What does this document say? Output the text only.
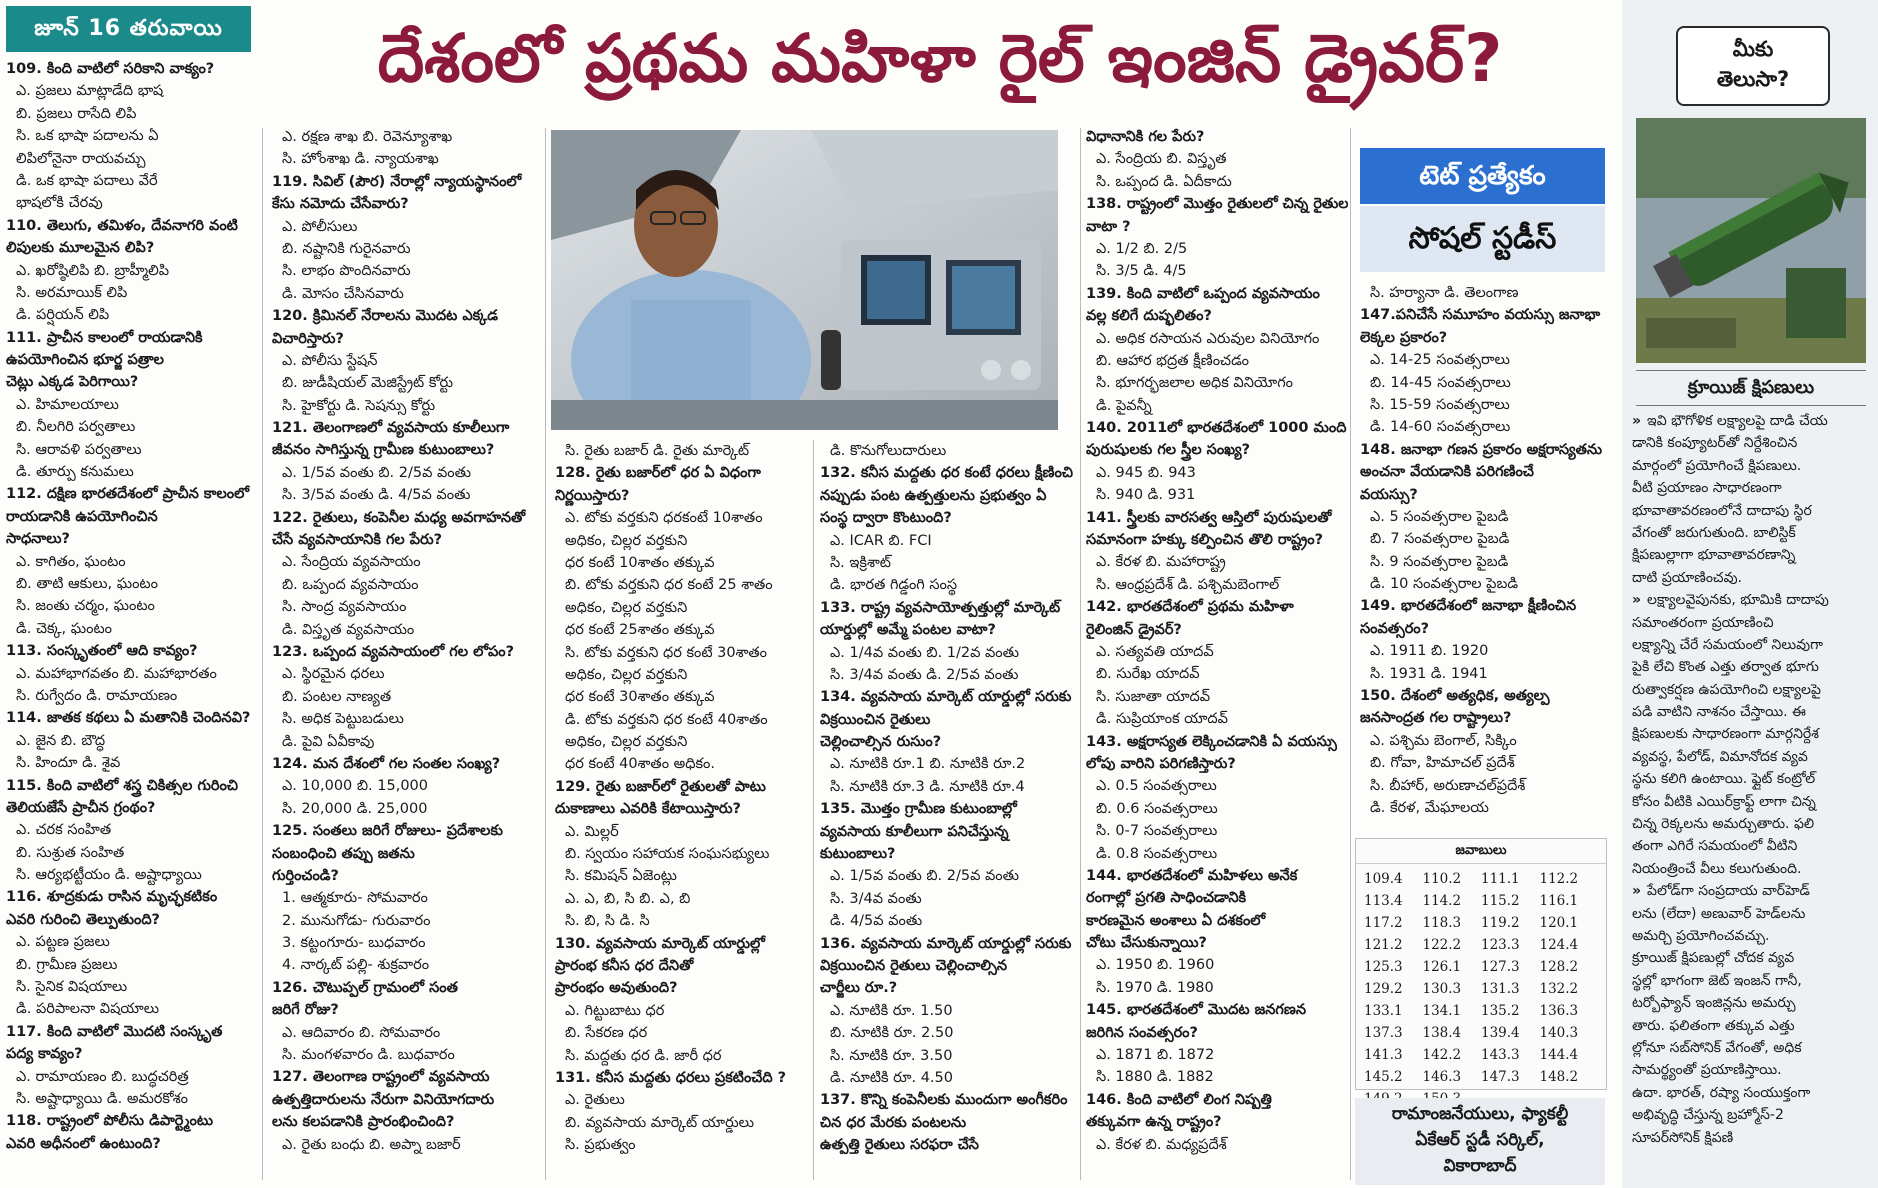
జూన్ 16 తరువాయి	దేశంలో ప్రథమ మహిళా రైల్ ఇంజిన్ డ్రైవర్?
109. కింది వాటిలో సరికాని వాక్యం?
ఎ. ప్రజలు మాట్లాడేది భాష
బి. ప్రజలు రాసేది లిపి
సి. ఒక భాషా పదాలను ఏ
లిపిలోనైనా రాయవచ్చు
డి. ఒక భాషా పదాలు వేరే
భాషలోకి చేరవు
110. తెలుగు, తమిళం, దేవనాగరి వంటి
లిపులకు మూలమైన లిపి?
ఎ. ఖరోష్ఠిలిపి బి. బ్రాహ్మీలిపి
సి. అరమాయిక్ లిపి
డి. పర్షియన్ లిపి
111. ప్రాచీన కాలంలో రాయడానికి
ఉపయోగించిన భూర్జ పత్రాల
చెట్లు ఎక్కడ పెరిగాయి?
ఎ. హిమాలయాలు
బి. నీలగిరి పర్వతాలు
సి. ఆరావళి పర్వతాలు
డి. తూర్పు కనుమలు
112. దక్షిణ భారతదేశంలో ప్రాచీన కాలంలో
రాయడానికి ఉపయోగించిన
సాధనాలు?
ఎ. కాగితం, ఘంటం
బి. తాటి ఆకులు, ఘంటం
సి. జంతు చర్మం, ఘంటం
డి. చెక్క, ఘంటం
113. సంస్కృతంలో ఆది కావ్యం?
ఎ. మహాభాగవతం బి. మహాభారతం
సి. రుగ్వేదం డి. రామాయణం
114. జాతక కథలు ఏ మతానికి చెందినవి?
ఎ. జైన బి. బౌద్ధ
సి. హిందూ డి. శైవ
115. కింది వాటిలో శస్త్ర చికిత్సల గురించి
తెలియజేసే ప్రాచీన గ్రంథం?
ఎ. చరక సంహిత
బి. సుశ్రుత సంహిత
సి. ఆర్యభట్టీయం డి. అష్టాధ్యాయి
116. శూద్రకుడు రాసిన మృచ్ఛకటికం
ఎవరి గురించి తెల్పుతుంది?
ఎ. పట్టణ ప్రజలు
బి. గ్రామీణ ప్రజలు
సి. సైనిక విషయాలు
డి. పరిపాలనా విషయాలు
117. కింది వాటిలో మొదటి సంస్కృత
పద్య కావ్యం?
ఎ. రామాయణం బి. బుద్ధచరిత్ర
సి. అష్టాధ్యాయి డి. అమరకోశం
118. రాష్ట్రంలో పోలీసు డిపార్ట్మెంటు
ఎవరి అధీనంలో ఉంటుంది?
ఎ. రక్షణ శాఖ బి. రెవెన్యూశాఖ
సి. హోంశాఖ డి. న్యాయశాఖ
119. సివిల్ (పౌర) నేరాల్లో న్యాయస్థానంలో
కేసు నమోదు చేసేవారు?
ఎ. పోలీసులు
బి. నష్టానికి గురైనవారు
సి. లాభం పొందినవారు
డి. మోసం చేసినవారు
120. క్రిమినల్ నేరాలను మొదట ఎక్కడ
విచారిస్తారు?
ఎ. పోలీసు స్టేషన్
బి. జుడీషియల్ మెజిస్ట్రేట్ కోర్టు
సి. హైకోర్టు డి. సెషన్సు కోర్టు
121. తెలంగాణలో వ్యవసాయ కూలీలుగా
జీవనం సాగిస్తున్న గ్రామీణ కుటుంబాలు?
ఎ. 1/5వ వంతు బి. 2/5వ వంతు
సి. 3/5వ వంతు డి. 4/5వ వంతు
122. రైతులు, కంపెనీల మధ్య అవగాహనతో
చేసే వ్యవసాయానికి గల పేరు?
ఎ. సేంద్రియ వ్యవసాయం
బి. ఒప్పంద వ్యవసాయం
సి. సాంద్ర వ్యవసాయం
డి. విస్తృత వ్యవసాయం
123. ఒప్పంద వ్యవసాయంలో గల లోపం?
ఎ. స్థిరమైన ధరలు
బి. పంటల నాణ్యత
సి. అధిక పెట్టుబడులు
డి. పైవి ఏవీకావు
124. మన దేశంలో గల సంతల సంఖ్య?
ఎ. 10,000 బి. 15,000
సి. 20,000 డి. 25,000
125. సంతలు జరిగే రోజులు- ప్రదేశాలకు
సంబంధించి తప్పు జతను
గుర్తించండి?
1. ఆత్మకూరు- సోమవారం
2. మునుగోడు- గురువారం
3. కట్టంగూరు- బుధవారం
4. నార్కట్ పల్లి- శుక్రవారం
126. చౌటుప్పల్ గ్రామంలో సంత
జరిగే రోజు?
ఎ. ఆదివారం బి. సోమవారం
సి. మంగళవారం డి. బుధవారం
127. తెలంగాణ రాష్ట్రంలో వ్యవసాయ
ఉత్పత్తిదారులను నేరుగా వినియోగదారు
లను కలపడానికి ప్రారంభించింది?
ఎ. రైతు బంధు బి. అప్నా బజార్
సి. రైతు బజార్ డి. రైతు మార్కెట్
128. రైతు బజార్‌లో ధర ఏ విధంగా
నిర్ణయిస్తారు?
ఎ. టోకు వర్తకుని ధరకంటే 10శాతం
అధికం, చిల్లర వర్తకుని
ధర కంటే 10శాతం తక్కువ
బి. టోకు వర్తకుని ధర కంటే 25 శాతం
అధికం, చిల్లర వర్తకుని
ధర కంటే 25శాతం తక్కువ
సి. టోకు వర్తకుని ధర కంటే 30శాతం
అధికం, చిల్లర వర్తకుని
ధర కంటే 30శాతం తక్కువ
డి. టోకు వర్తకుని ధర కంటే 40శాతం
అధికం, చిల్లర వర్తకుని
ధర కంటే 40శాతం అధికం.
129. రైతు బజార్‌లో రైతులతో పాటు
దుకాణాలు ఎవరికి కేటాయిస్తారు?
ఎ. మిల్లర్
బి. స్వయం సహాయక సంఘసభ్యులు
సి. కమిషన్ ఏజెంట్లు
ఎ. ఎ, బి, సి బి. ఎ, బి
సి. బి, సి డి. సి
130. వ్యవసాయ మార్కెట్ యార్డుల్లో
ప్రారంభ కనీస ధర దేనితో
ప్రారంభం అవుతుంది?
ఎ. గిట్టుబాటు ధర
బి. సేకరణ ధర
సి. మద్దతు ధర డి. జారీ ధర
131. కనీస మద్దతు ధరలు ప్రకటించేది ?
ఎ. రైతులు
బి. వ్యవసాయ మార్కెట్ యార్డులు
సి. ప్రభుత్వం
డి. కొనుగోలుదారులు
132. కనీస మద్దతు ధర కంటే ధరలు క్షీణించి
నప్పుడు పంట ఉత్పత్తులను ప్రభుత్వం ఏ
సంస్థ ద్వారా కొంటుంది?
ఎ. ICAR బి. FCI
సి. ఇక్రిశాట్
డి. భారత గిడ్డంగి సంస్థ
133. రాష్ట్ర వ్యవసాయోత్పత్తుల్లో మార్కెట్
యార్డుల్లో అమ్మే పంటల వాటా?
ఎ. 1/4వ వంతు బి. 1/2వ వంతు
సి. 3/4వ వంతు డి. 2/5వ వంతు
134. వ్యవసాయ మార్కెట్ యార్డుల్లో సరుకు
విక్రయించిన రైతులు
చెల్లించాల్సిన రుసుం?
ఎ. నూటికి రూ.1 బి. నూటికి రూ.2
సి. నూటికి రూ.3 డి. నూటికి రూ.4
135. మొత్తం గ్రామీణ కుటుంబాల్లో
వ్యవసాయ కూలీలుగా పనిచేస్తున్న
కుటుంబాలు?
ఎ. 1/5వ వంతు బి. 2/5వ వంతు
సి. 3/4వ వంతు
డి. 4/5వ వంతు
136. వ్యవసాయ మార్కెట్ యార్డుల్లో సరుకు
విక్రయించిన రైతులు చెల్లించాల్సిన
చార్జీలు రూ.?
ఎ. నూటికి రూ. 1.50
బి. నూటికి రూ. 2.50
సి. నూటికి రూ. 3.50
డి. నూటికి రూ. 4.50
137. కొన్ని కంపెనీలకు ముందుగా అంగీకరిం
చిన ధర మేరకు పంటలను
ఉత్పత్తి రైతులు సరఫరా చేసే
విధానానికి గల పేరు?
ఎ. సేంద్రియ బి. విస్తృత
సి. ఒప్పంద డి. ఏదీకాదు
138. రాష్ట్రంలో మొత్తం రైతులలో చిన్న రైతుల
వాటా ?
ఎ. 1/2 బి. 2/5
సి. 3/5 డి. 4/5
139. కింది వాటిలో ఒప్పంద వ్యవసాయం
వల్ల కలిగే దుష్ఫలితం?
ఎ. అధిక రసాయన ఎరువుల వినియోగం
బి. ఆహార భద్రత క్షీణించడం
సి. భూగర్భజలాల అధిక వినియోగం
డి. పైవన్నీ
140. 2011లో భారతదేశంలో 1000 మంది
పురుషులకు గల స్త్రీల సంఖ్య?
ఎ. 945 బి. 943
సి. 940 డి. 931
141. స్త్రీలకు వారసత్వ ఆస్తిలో పురుషులతో
సమానంగా హక్కు కల్పించిన తొలి రాష్ట్రం?
ఎ. కేరళ బి. మహారాష్ట్ర
సి. ఆంధ్రప్రదేశ్ డి. పశ్చిమబెంగాల్
142. భారతదేశంలో ప్రథమ మహిళా
రైలింజిన్ డ్రైవర్?
ఎ. సత్యవతి యాదవ్
బి. సురేఖ యాదవ్
సి. సుజాతా యాదవ్
డి. సుప్రియాంక యాదవ్
143. అక్షరాస్యత లెక్కించడానికి ఏ వయస్సు
లోపు వారిని పరిగణిస్తారు?
ఎ. 0.5 సంవత్సరాలు
బి. 0.6 సంవత్సరాలు
సి. 0-7 సంవత్సరాలు
డి. 0.8 సంవత్సరాలు
144. భారతదేశంలో మహిళలు అనేక
రంగాల్లో ప్రగతి సాధించడానికి
కారణమైన అంశాలు ఏ దశకంలో
చోటు చేసుకున్నాయి?
ఎ. 1950 బి. 1960
సి. 1970 డి. 1980
145. భారతదేశంలో మొదట జనగణన
జరిగిన సంవత్సరం?
ఎ. 1871 బి. 1872
సి. 1880 డి. 1882
146. కింది వాటిలో లింగ నిష్పత్తి
తక్కువగా ఉన్న రాష్ట్రం?
ఎ. కేరళ బి. మధ్యప్రదేశ్
టెట్ ప్రత్యేకం
సోషల్ స్టడీస్
సి. హర్యానా డి. తెలంగాణ
147.పనిచేసే సమూహం వయస్సు జనాభా
లెక్కల ప్రకారం?
ఎ. 14-25 సంవత్సరాలు
బి. 14-45 సంవత్సరాలు
సి. 15-59 సంవత్సరాలు
డి. 14-60 సంవత్సరాలు
148. జనాభా గణన ప్రకారం అక్షరాస్యతను
అంచనా వేయడానికి పరిగణించే
వయస్సు?
ఎ. 5 సంవత్సరాల పైబడి
బి. 7 సంవత్సరాల పైబడి
సి. 9 సంవత్సరాల పైబడి
డి. 10 సంవత్సరాల పైబడి
149. భారతదేశంలో జనాభా క్షీణించిన
సంవత్సరం?
ఎ. 1911 బి. 1920
సి. 1931 డి. 1941
150. దేశంలో అత్యధిక, అత్యల్ప
జనసాంద్రత గల రాష్ట్రాలు?
ఎ. పశ్చిమ బెంగాల్, సిక్కిం
బి. గోవా, హిమాచల్ ప్రదేశ్
సి. బీహార్, అరుణాచల్‌ప్రదేశ్
డి. కేరళ, మేఘాలయ
జవాబులు
109.4	110.2	111.1	112.2
113.4	114.2	115.2	116.1
117.2	118.3	119.2	120.1
121.2	122.2	123.3	124.4
125.3	126.1	127.3	128.2
129.2	130.3	131.3	132.2
133.1	134.1	135.2	136.3
137.3	138.4	139.4	140.3
141.3	142.2	143.3	144.4
145.2	146.3	147.3	148.2
రామాంజనేయులు, ఫ్యాకల్టీ
ఏకేఆర్ స్టడీ సర్కిల్,
వికారాబాద్
మీకు
తెలుసా?
క్రూయిజ్ క్షిపణులు
» ఇవి భౌగోళిక లక్ష్యాలపై దాడి చేయ
డానికి కంప్యూటర్‌తో నిర్దేశించిన
మార్గంలో ప్రయోగించే క్షిపణులు.
వీటి ప్రయాణం సాధారణంగా
భూవాతావరణంలోనే దాదాపు స్థిర
వేగంతో జరుగుతుంది. బాలిస్టిక్
క్షిపణుల్లాగా భూవాతావరణాన్ని
దాటి ప్రయాణించవు.
» లక్ష్యాలవైపునకు, భూమికి దాదాపు
సమాంతరంగా ప్రయాణించి
లక్ష్యాన్ని చేరే సమయంలో నిలువుగా
పైకి లేచి కొంత ఎత్తు తర్వాత భూగు
రుత్వాకర్షణ ఉపయోగించి లక్ష్యాలపై
పడి వాటిని నాశనం చేస్తాయి. ఈ
క్షిపణులకు సాధారణంగా మార్గనిర్దేశ
వ్యవస్థ, పేలోడ్, విమానోదక వ్యవ
స్థను కలిగి ఉంటాయి. ఫ్లైట్ కంట్రోల్
కోసం వీటికి ఎయిర్‌క్రాఫ్ట్ లాగా చిన్న
చిన్న రెక్కలను అమర్చుతారు. ఫలి
తంగా ఎగిరే సమయంలో వీటిని
నియంత్రించే వీలు కలుగుతుంది.
» పేలోడ్‌గా సంప్రదాయ వార్‌హెడ్
లను (లేదా) అణువార్ హెడ్‌లను
అమర్చి ప్రయోగించవచ్చు.
క్రూయిజ్ క్షిపణుల్లో చోదక వ్యవ
స్థల్లో భాగంగా జెట్ ఇంజన్ గానీ,
టర్బోఫ్యాన్ ఇంజిన్లను అమర్చు
తారు. ఫలితంగా తక్కువ ఎత్తు
ల్లోనూ సబ్‌సోనిక్ వేగంతో, అధిక
సామర్థ్యంతో ప్రయాణిస్తాయి.
ఉదా. భారత్, రష్యా సంయుక్తంగా
అభివృద్ధి చేస్తున్న బ్రహ్మోస్-2
సూపర్‌సోనిక్ క్షిపణి
